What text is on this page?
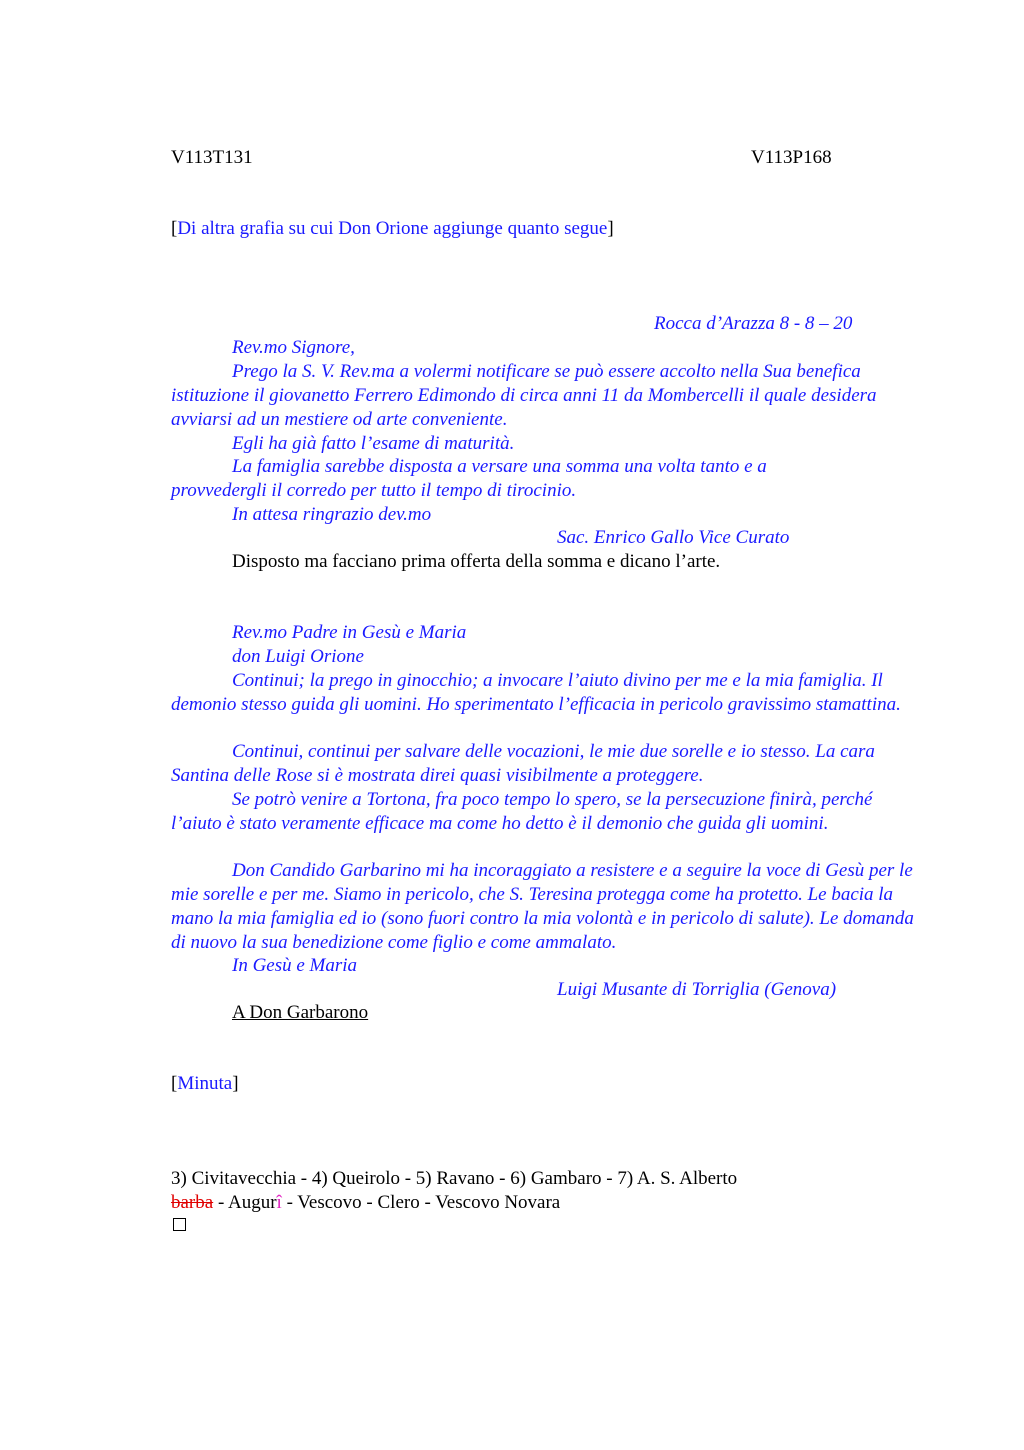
V113T131	V113P168
[Di altra grafia su cui Don Orione aggiunge quanto segue]
Rocca d’Arazza 8 - 8 – 20
Rev.mo Signore,
Prego la S. V. Rev.ma a volermi notificare se può essere accolto nella Sua benefica istituzione il giovanetto Ferrero Edimondo di circa anni 11 da Mombercelli il quale desidera avviarsi ad un mestiere od arte conveniente.
Egli ha già fatto l’esame di maturità.
La famiglia sarebbe disposta a versare una somma una volta tanto e a provvedergli il corredo per tutto il tempo di tirocinio.
In attesa ringrazio dev.mo
Sac. Enrico Gallo Vice Curato
Disposto ma facciano prima offerta della somma e dicano l’arte.
Rev.mo Padre in Gesù e Maria
don Luigi Orione
Continui; la prego in ginocchio; a invocare l’aiuto divino per me e la mia famiglia. Il demonio stesso guida gli uomini. Ho sperimentato l’efficacia in pericolo gravissimo stamattina.
Continui, continui per salvare delle vocazioni, le mie due sorelle e io stesso. La cara Santina delle Rose si è mostrata direi quasi visibilmente a proteggere.
Se potrò venire a Tortona, fra poco tempo lo spero, se la persecuzione finirà, perché l’aiuto è stato veramente efficace ma come ho detto è il demonio che guida gli uomini.
Don Candido Garbarino mi ha incoraggiato a resistere e a seguire la voce di Gesù per le mie sorelle e per me. Siamo in pericolo, che S. Teresina protegga come ha protetto. Le bacia la mano la mia famiglia ed io (sono fuori contro la mia volontà e in pericolo di salute). Le domanda di nuovo la sua benedizione come figlio e come ammalato.
In Gesù e Maria
Luigi Musante di Torriglia (Genova)
A Don Garbarono
[Minuta]
3) Civitavecchia - 4) Queirolo - 5) Ravano - 6) Gambaro - 7) A. S. Alberto
barba - Augurî - Vescovo - Clero - Vescovo Novara
